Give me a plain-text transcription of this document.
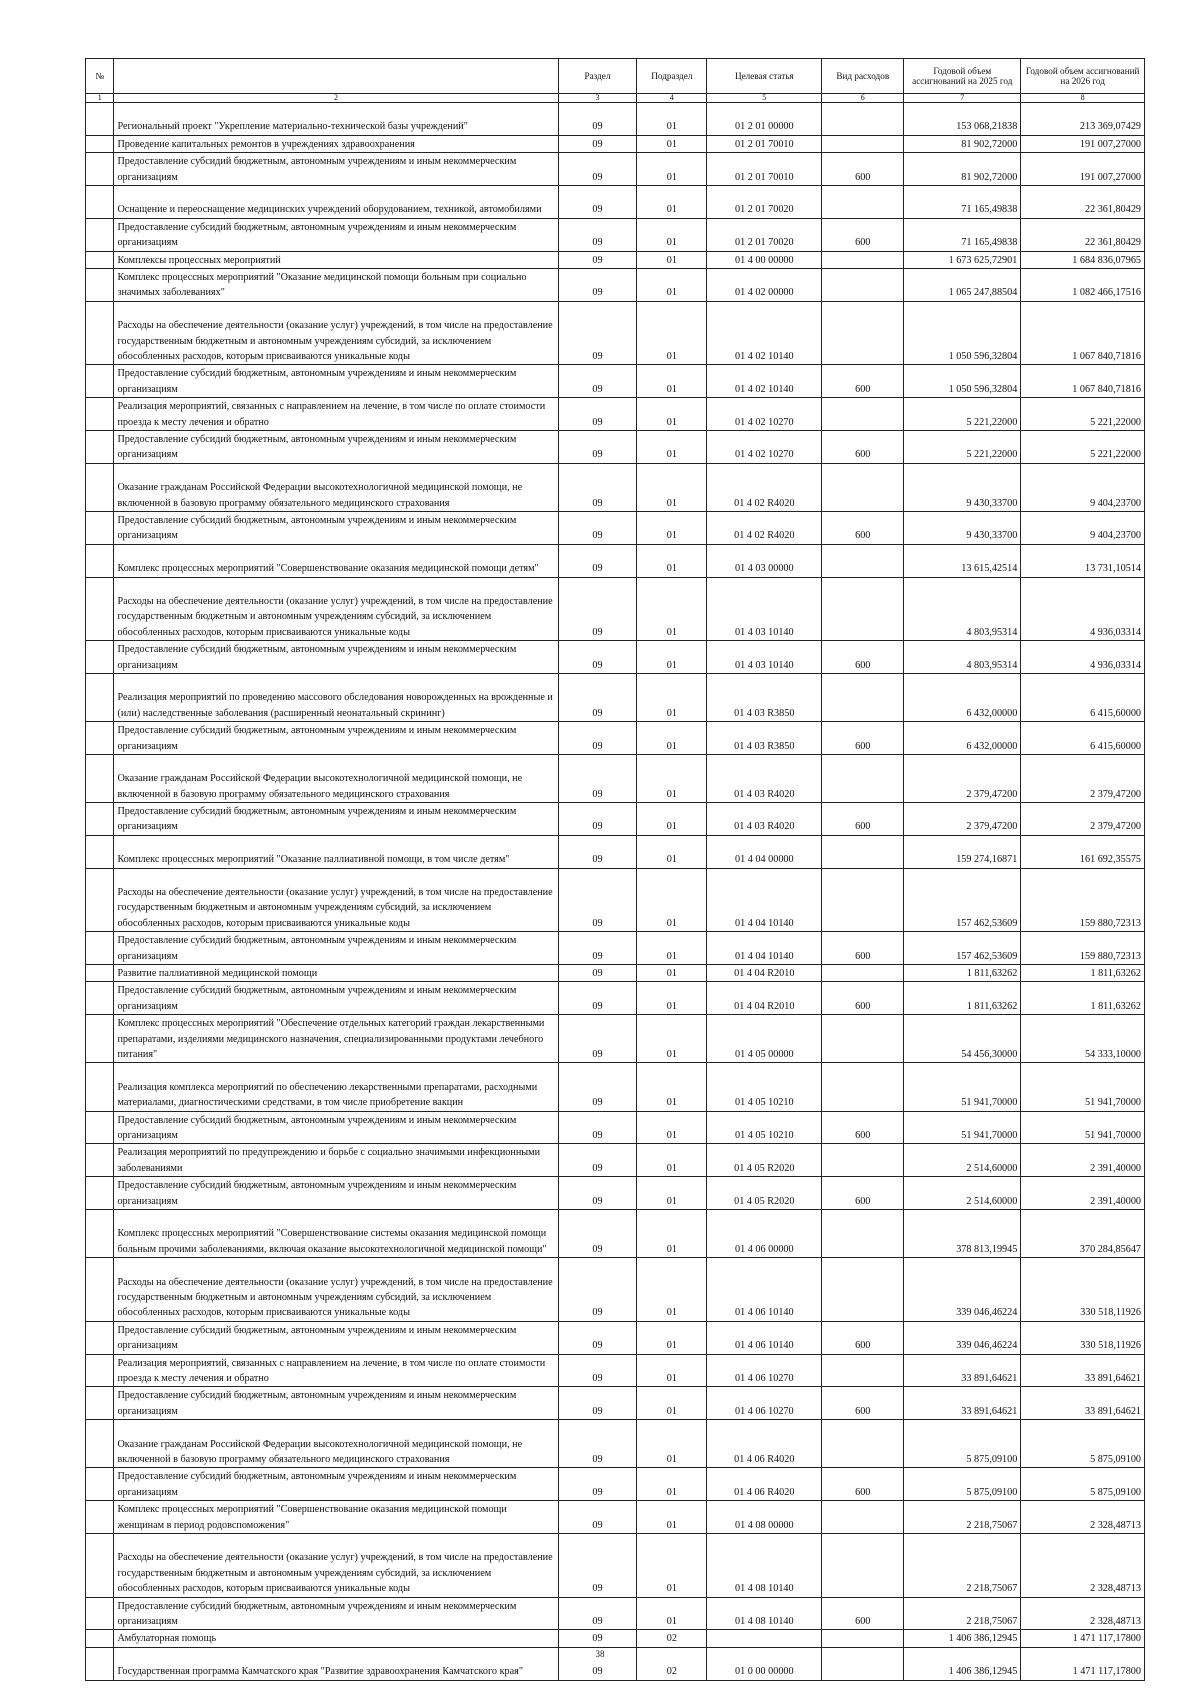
№		Раздел	Подраздел	Целевая статья	Вид расходов	Годовой объем ассигнований на 2025 год	Годовой объем ассигнований на 2026 год
1	2	3	4	5	6	7	8
	Региональный проект "Укрепление материально-технической базы учреждений"	09	01	01 2 01 00000		153 068,21838	213 369,07429
	Проведение капитальных ремонтов в учреждениях здравоохранения	09	01	01 2 01 70010		81 902,72000	191 007,27000
	Предоставление субсидий бюджетным, автономным учреждениям и иным некоммерческим организациям	09	01	01 2 01 70010	600	81 902,72000	191 007,27000
	Оснащение и переоснащение медицинских учреждений оборудованием, техникой, автомобилями	09	01	01 2 01 70020		71 165,49838	22 361,80429
	Предоставление субсидий бюджетным, автономным учреждениям и иным некоммерческим организациям	09	01	01 2 01 70020	600	71 165,49838	22 361,80429
	Комплексы процессных мероприятий	09	01	01 4 00 00000		1 673 625,72901	1 684 836,07965
	Комплекс процессных мероприятий "Оказание медицинской помощи больным при социально значимых заболеваниях"	09	01	01 4 02 00000		1 065 247,88504	1 082 466,17516
	Расходы на обеспечение деятельности (оказание услуг) учреждений, в том числе на предоставление государственным бюджетным и автономным учреждениям субсидий, за исключением обособленных расходов, которым присваиваются уникальные коды	09	01	01 4 02 10140		1 050 596,32804	1 067 840,71816
	Предоставление субсидий бюджетным, автономным учреждениям и иным некоммерческим организациям	09	01	01 4 02 10140	600	1 050 596,32804	1 067 840,71816
	Реализация мероприятий, связанных с направлением на лечение, в том числе по оплате стоимости проезда к месту лечения и обратно	09	01	01 4 02 10270		5 221,22000	5 221,22000
	Предоставление субсидий бюджетным, автономным учреждениям и иным некоммерческим организациям	09	01	01 4 02 10270	600	5 221,22000	5 221,22000
	Оказание гражданам Российской Федерации высокотехнологичной медицинской помощи, не включенной в базовую программу обязательного медицинского страхования	09	01	01 4 02 R4020		9 430,33700	9 404,23700
	Предоставление субсидий бюджетным, автономным учреждениям и иным некоммерческим организациям	09	01	01 4 02 R4020	600	9 430,33700	9 404,23700
	Комплекс процессных мероприятий "Совершенствование оказания медицинской помощи детям"	09	01	01 4 03 00000		13 615,42514	13 731,10514
	Расходы на обеспечение деятельности (оказание услуг) учреждений, в том числе на предоставление государственным бюджетным и автономным учреждениям субсидий, за исключением обособленных расходов, которым присваиваются уникальные коды	09	01	01 4 03 10140		4 803,95314	4 936,03314
	Предоставление субсидий бюджетным, автономным учреждениям и иным некоммерческим организациям	09	01	01 4 03 10140	600	4 803,95314	4 936,03314
	Реализация мероприятий по проведению массового обследования новорожденных на врожденные и (или) наследственные заболевания (расширенный неонатальный скрининг)	09	01	01 4 03 R3850		6 432,00000	6 415,60000
	Предоставление субсидий бюджетным, автономным учреждениям и иным некоммерческим организациям	09	01	01 4 03 R3850	600	6 432,00000	6 415,60000
	Оказание гражданам Российской Федерации высокотехнологичной медицинской помощи, не включенной в базовую программу обязательного медицинского страхования	09	01	01 4 03 R4020		2 379,47200	2 379,47200
	Предоставление субсидий бюджетным, автономным учреждениям и иным некоммерческим организациям	09	01	01 4 03 R4020	600	2 379,47200	2 379,47200
	Комплекс процессных мероприятий "Оказание паллиативной помощи, в том числе детям"	09	01	01 4 04 00000		159 274,16871	161 692,35575
	Расходы на обеспечение деятельности (оказание услуг) учреждений, в том числе на предоставление государственным бюджетным и автономным учреждениям субсидий, за исключением обособленных расходов, которым присваиваются уникальные коды	09	01	01 4 04 10140		157 462,53609	159 880,72313
	Предоставление субсидий бюджетным, автономным учреждениям и иным некоммерческим организациям	09	01	01 4 04 10140	600	157 462,53609	159 880,72313
	Развитие паллиативной медицинской помощи	09	01	01 4 04 R2010		1 811,63262	1 811,63262
	Предоставление субсидий бюджетным, автономным учреждениям и иным некоммерческим организациям	09	01	01 4 04 R2010	600	1 811,63262	1 811,63262
	Комплекс процессных мероприятий "Обеспечение отдельных категорий граждан лекарственными препаратами, изделиями медицинского назначения, специализированными продуктами лечебного питания"	09	01	01 4 05 00000		54 456,30000	54 333,10000
	Реализация комплекса мероприятий по обеспечению лекарственными препаратами, расходными материалами, диагностическими средствами, в том числе приобретение вакцин	09	01	01 4 05 10210		51 941,70000	51 941,70000
	Предоставление субсидий бюджетным, автономным учреждениям и иным некоммерческим организациям	09	01	01 4 05 10210	600	51 941,70000	51 941,70000
	Реализация мероприятий по предупреждению и борьбе с социально значимыми инфекционными заболеваниями	09	01	01 4 05 R2020		2 514,60000	2 391,40000
	Предоставление субсидий бюджетным, автономным учреждениям и иным некоммерческим организациям	09	01	01 4 05 R2020	600	2 514,60000	2 391,40000
	Комплекс процессных мероприятий "Совершенствование системы оказания медицинской помощи больным прочими заболеваниями, включая оказание высокотехнологичной медицинской помощи"	09	01	01 4 06 00000		378 813,19945	370 284,85647
	Расходы на обеспечение деятельности (оказание услуг) учреждений, в том числе на предоставление государственным бюджетным и автономным учреждениям субсидий, за исключением обособленных расходов, которым присваиваются уникальные коды	09	01	01 4 06 10140		339 046,46224	330 518,11926
	Предоставление субсидий бюджетным, автономным учреждениям и иным некоммерческим организациям	09	01	01 4 06 10140	600	339 046,46224	330 518,11926
	Реализация мероприятий, связанных с направлением на лечение, в том числе по оплате стоимости проезда к месту лечения и обратно	09	01	01 4 06 10270		33 891,64621	33 891,64621
	Предоставление субсидий бюджетным, автономным учреждениям и иным некоммерческим организациям	09	01	01 4 06 10270	600	33 891,64621	33 891,64621
	Оказание гражданам Российской Федерации высокотехнологичной медицинской помощи, не включенной в базовую программу обязательного медицинского страхования	09	01	01 4 06 R4020		5 875,09100	5 875,09100
	Предоставление субсидий бюджетным, автономным учреждениям и иным некоммерческим организациям	09	01	01 4 06 R4020	600	5 875,09100	5 875,09100
	Комплекс процессных мероприятий "Совершенствование оказания медицинской помощи женщинам в период родовспоможения"	09	01	01 4 08 00000		2 218,75067	2 328,48713
	Расходы на обеспечение деятельности (оказание услуг) учреждений, в том числе на предоставление государственным бюджетным и автономным учреждениям субсидий, за исключением обособленных расходов, которым присваиваются уникальные коды	09	01	01 4 08 10140		2 218,75067	2 328,48713
	Предоставление субсидий бюджетным, автономным учреждениям и иным некоммерческим организациям	09	01	01 4 08 10140	600	2 218,75067	2 328,48713
	Амбулаторная помощь	09	02			1 406 386,12945	1 471 117,17800
	Государственная программа Камчатского края "Развитие здравоохранения Камчатского края"	09	02	01 0 00 00000		1 406 386,12945	1 471 117,17800
38
